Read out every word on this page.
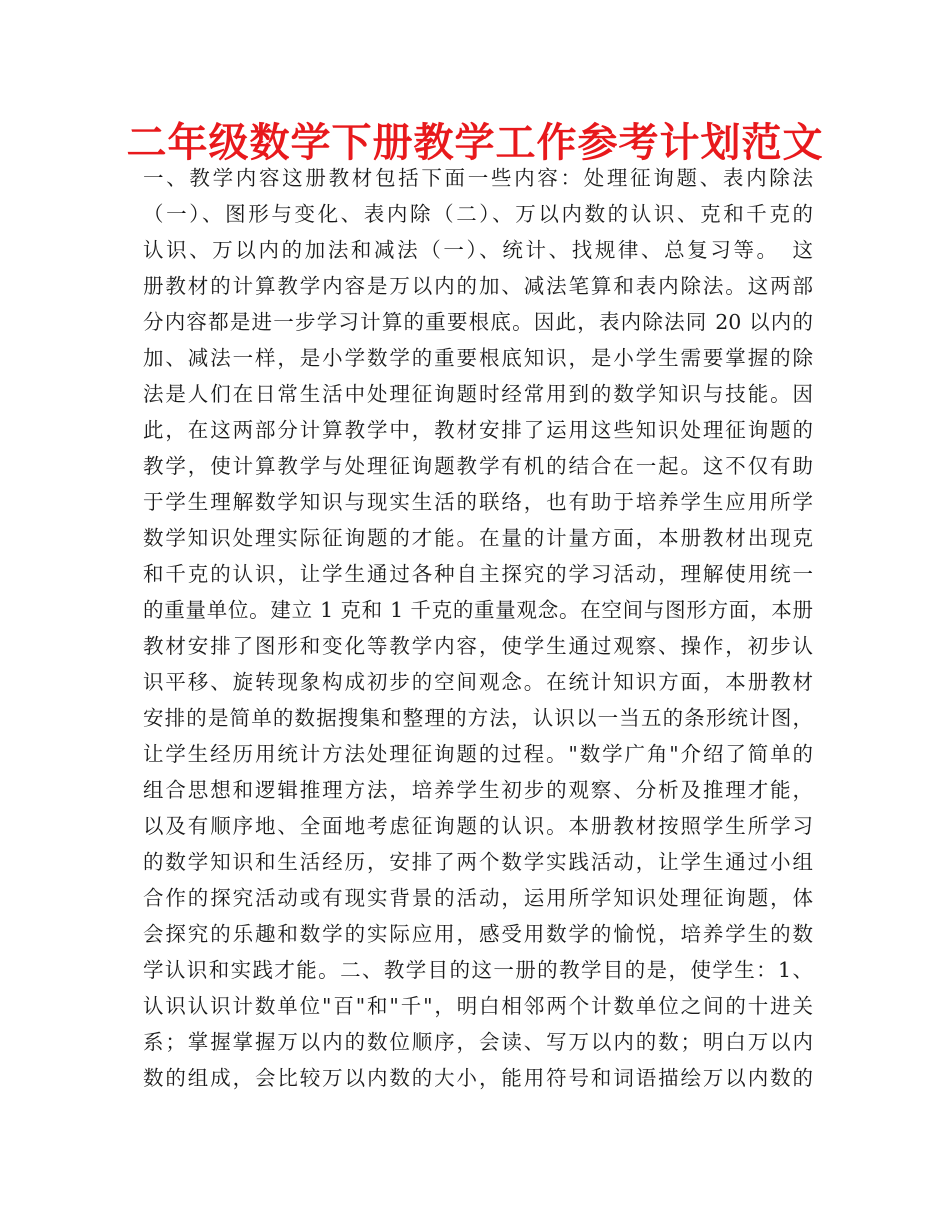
二年级数学下册教学工作参考计划范文
一、教学内容这册教材包括下面一些内容：处理征询题、表内除法
（一）、图形与变化、表内除（二）、万以内数的认识、克和千克的
认识、万以内的加法和减法（一）、统计、找规律、总复习等。　这
册教材的计算教学内容是万以内的加、减法笔算和表内除法。这两部
分内容都是进一步学习计算的重要根底。因此，表内除法同 20 以内的
加、减法一样，是小学数学的重要根底知识，是小学生需要掌握的除
法是人们在日常生活中处理征询题时经常用到的数学知识与技能。因
此，在这两部分计算教学中，教材安排了运用这些知识处理征询题的
教学，使计算教学与处理征询题教学有机的结合在一起。这不仅有助
于学生理解数学知识与现实生活的联络，也有助于培养学生应用所学
数学知识处理实际征询题的才能。在量的计量方面，本册教材出现克
和千克的认识，让学生通过各种自主探究的学习活动，理解使用统一
的重量单位。建立 1 克和 1 千克的重量观念。在空间与图形方面，本册
教材安排了图形和变化等教学内容，使学生通过观察、操作，初步认
识平移、旋转现象构成初步的空间观念。在统计知识方面，本册教材
安排的是简单的数据搜集和整理的方法，认识以一当五的条形统计图，
让学生经历用统计方法处理征询题的过程。"数学广角"介绍了简单的
组合思想和逻辑推理方法，培养学生初步的观察、分析及推理才能，
以及有顺序地、全面地考虑征询题的认识。本册教材按照学生所学习
的数学知识和生活经历，安排了两个数学实践活动，让学生通过小组
合作的探究活动或有现实背景的活动，运用所学知识处理征询题，体
会探究的乐趣和数学的实际应用，感受用数学的愉悦，培养学生的数
学认识和实践才能。二、教学目的这一册的教学目的是，使学生：1、
认识认识计数单位"百"和"千"，明白相邻两个计数单位之间的十进关
系；掌握掌握万以内的数位顺序，会读、写万以内的数；明白万以内
数的组成，会比较万以内数的大小，能用符号和词语描绘万以内数的
